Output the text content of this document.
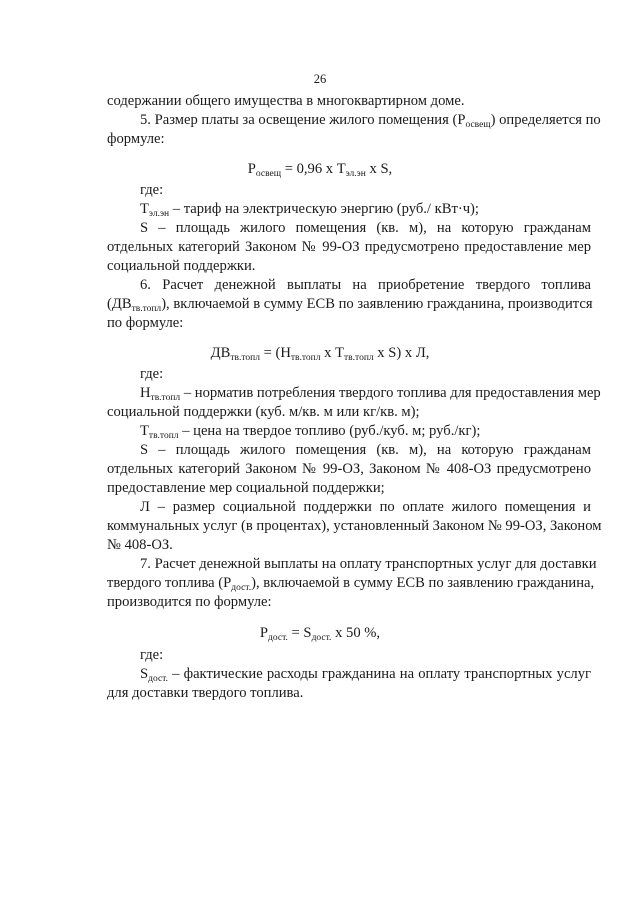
26
содержании общего имущества в многоквартирном доме.
5. Размер платы за освещение жилого помещения $(Р_{освещ})$ определяется по
формуле:
$Р_{освещ} = 0,96$ х $Т_{эл.эн}$ х S,
где:
$Т_{эл.эн}$ – тариф на электрическую энергию (руб./ кВт·ч);
S – площадь жилого помещения (кв. м), на которую гражданам
отдельных категорий Законом № 99-ОЗ предусмотрено предоставление мер
социальной поддержки.
6. Расчет денежной выплаты на приобретение твердого топлива
$(ДВ_{тв.топл})$, включаемой в сумму ЕСВ по заявлению гражданина, производится
по формуле:
$ДВ_{тв.топл} = (Н_{тв.топл}$ х $Т_{тв.топл}$ х S) х Л,
где:
$Н_{тв.топл}$ – норматив потребления твердого топлива для предоставления мер
социальной поддержки (куб. м/кв. м или кг/кв. м);
$Т_{тв.топл}$ – цена на твердое топливо (руб./куб. м; руб./кг);
S – площадь жилого помещения (кв. м), на которую гражданам
отдельных категорий Законом № 99-ОЗ, Законом № 408-ОЗ предусмотрено
предоставление мер социальной поддержки;
Л – размер социальной поддержки по оплате жилого помещения и
коммунальных услуг (в процентах), установленный Законом № 99-ОЗ, Законом
№ 408-ОЗ.
7. Расчет денежной выплаты на оплату транспортных услуг для доставки
твердого топлива $(Р_{дост.})$, включаемой в сумму ЕСВ по заявлению гражданина,
производится по формуле:
$Р_{дост.} = S_{дост.}$ х 50 %,
где:
$S_{дост.}$ – фактические расходы гражданина на оплату транспортных услуг
для доставки твердого топлива.
